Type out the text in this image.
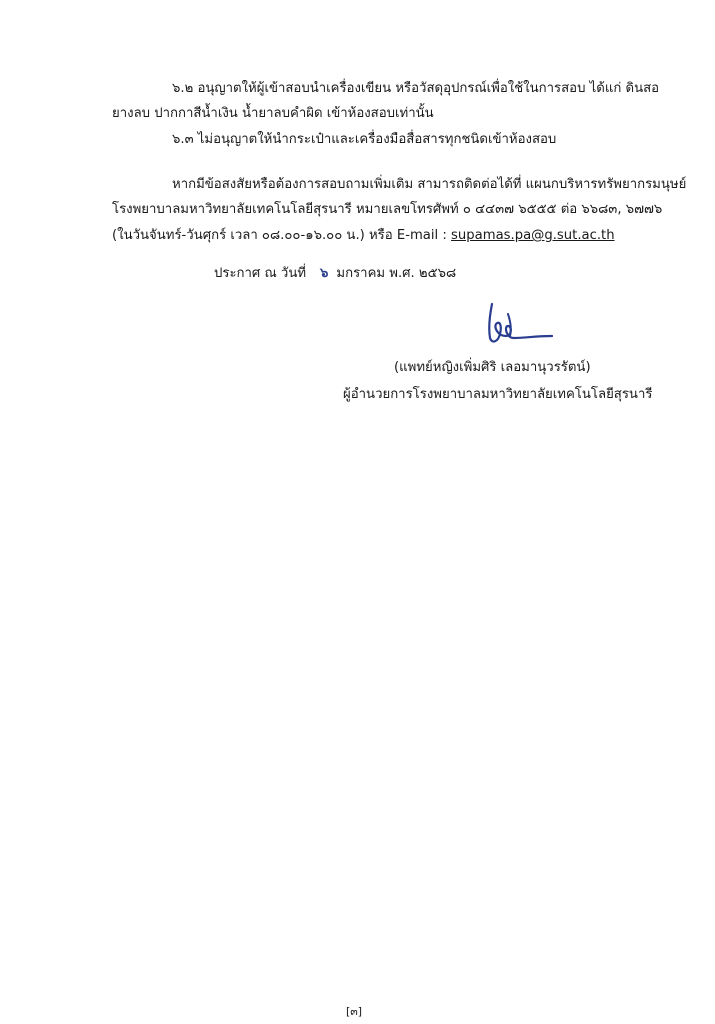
๖.๒ อนุญาตให้ผู้เข้าสอบนำเครื่องเขียน หรือวัสดุอุปกรณ์เพื่อใช้ในการสอบ ได้แก่ ดินสอ
ยางลบ ปากกาสีน้ำเงิน น้ำยาลบคำผิด เข้าห้องสอบเท่านั้น
๖.๓ ไม่อนุญาตให้นำกระเป๋าและเครื่องมือสื่อสารทุกชนิดเข้าห้องสอบ
หากมีข้อสงสัยหรือต้องการสอบถามเพิ่มเติม สามารถติดต่อได้ที่ แผนกบริหารทรัพยากรมนุษย์
โรงพยาบาลมหาวิทยาลัยเทคโนโลยีสุรนารี หมายเลขโทรศัพท์ ๐ ๔๔๓๗ ๖๕๕๕ ต่อ ๖๖๘๓, ๖๗๗๖
(ในวันจันทร์-วันศุกร์ เวลา ๐๘.๐๐-๑๖.๐๐ น.) หรือ E-mail : supamas.pa@g.sut.ac.th
ประกาศ ณ วันที่ ๖ มกราคม พ.ศ. ๒๕๖๘
(แพทย์หญิงเพิ่มศิริ เลอมานุวรรัตน์)
ผู้อำนวยการโรงพยาบาลมหาวิทยาลัยเทคโนโลยีสุรนารี
[๓]
